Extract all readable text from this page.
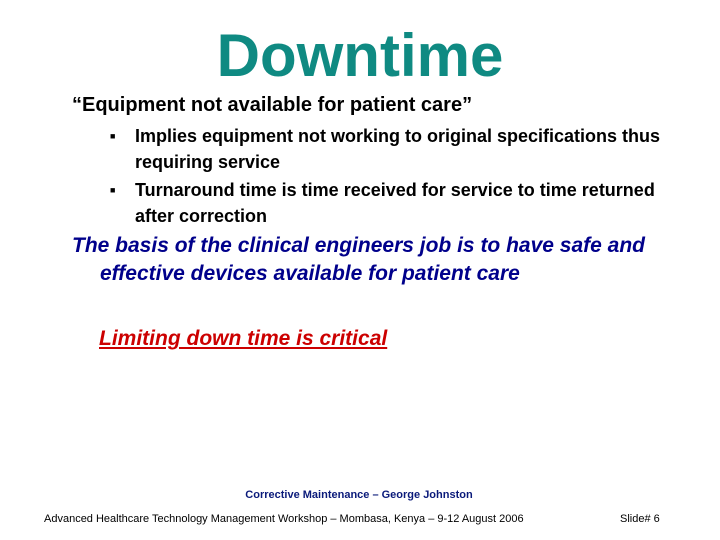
Downtime
“Equipment not available for patient care”
■ Implies equipment not working to original specifications thus requiring service
■ Turnaround time is time received for service to time returned after correction
The basis of the clinical engineers job is to have safe and effective devices available for patient care
Limiting down time is critical
Corrective Maintenance – George Johnston
Advanced Healthcare Technology Management Workshop – Mombasa, Kenya – 9-12 August 2006	Slide# 6
